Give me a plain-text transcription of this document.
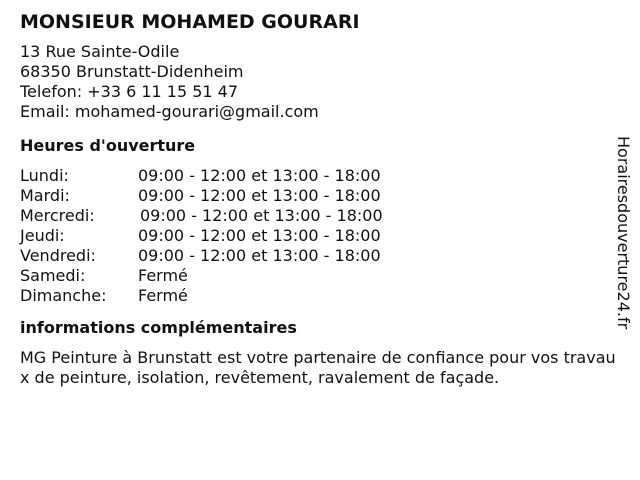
MONSIEUR MOHAMED GOURARI
13 Rue Sainte-Odile
68350 Brunstatt-Didenheim
Telefon: +33 6 11 15 51 47
Email: mohamed-gourari@gmail.com
Heures d'ouverture
Lundi:	09:00 - 12:00 et 13:00 - 18:00
Mardi:	09:00 - 12:00 et 13:00 - 18:00
Mercredi:	09:00 - 12:00 et 13:00 - 18:00
Jeudi:	09:00 - 12:00 et 13:00 - 18:00
Vendredi:	09:00 - 12:00 et 13:00 - 18:00
Samedi:	Fermé
Dimanche: Fermé
informations complémentaires
MG Peinture à Brunstatt est votre partenaire de confiance pour vos travaux de peinture, isolation, revêtement, ravalement de façade.
Horairesdouverture24.fr
